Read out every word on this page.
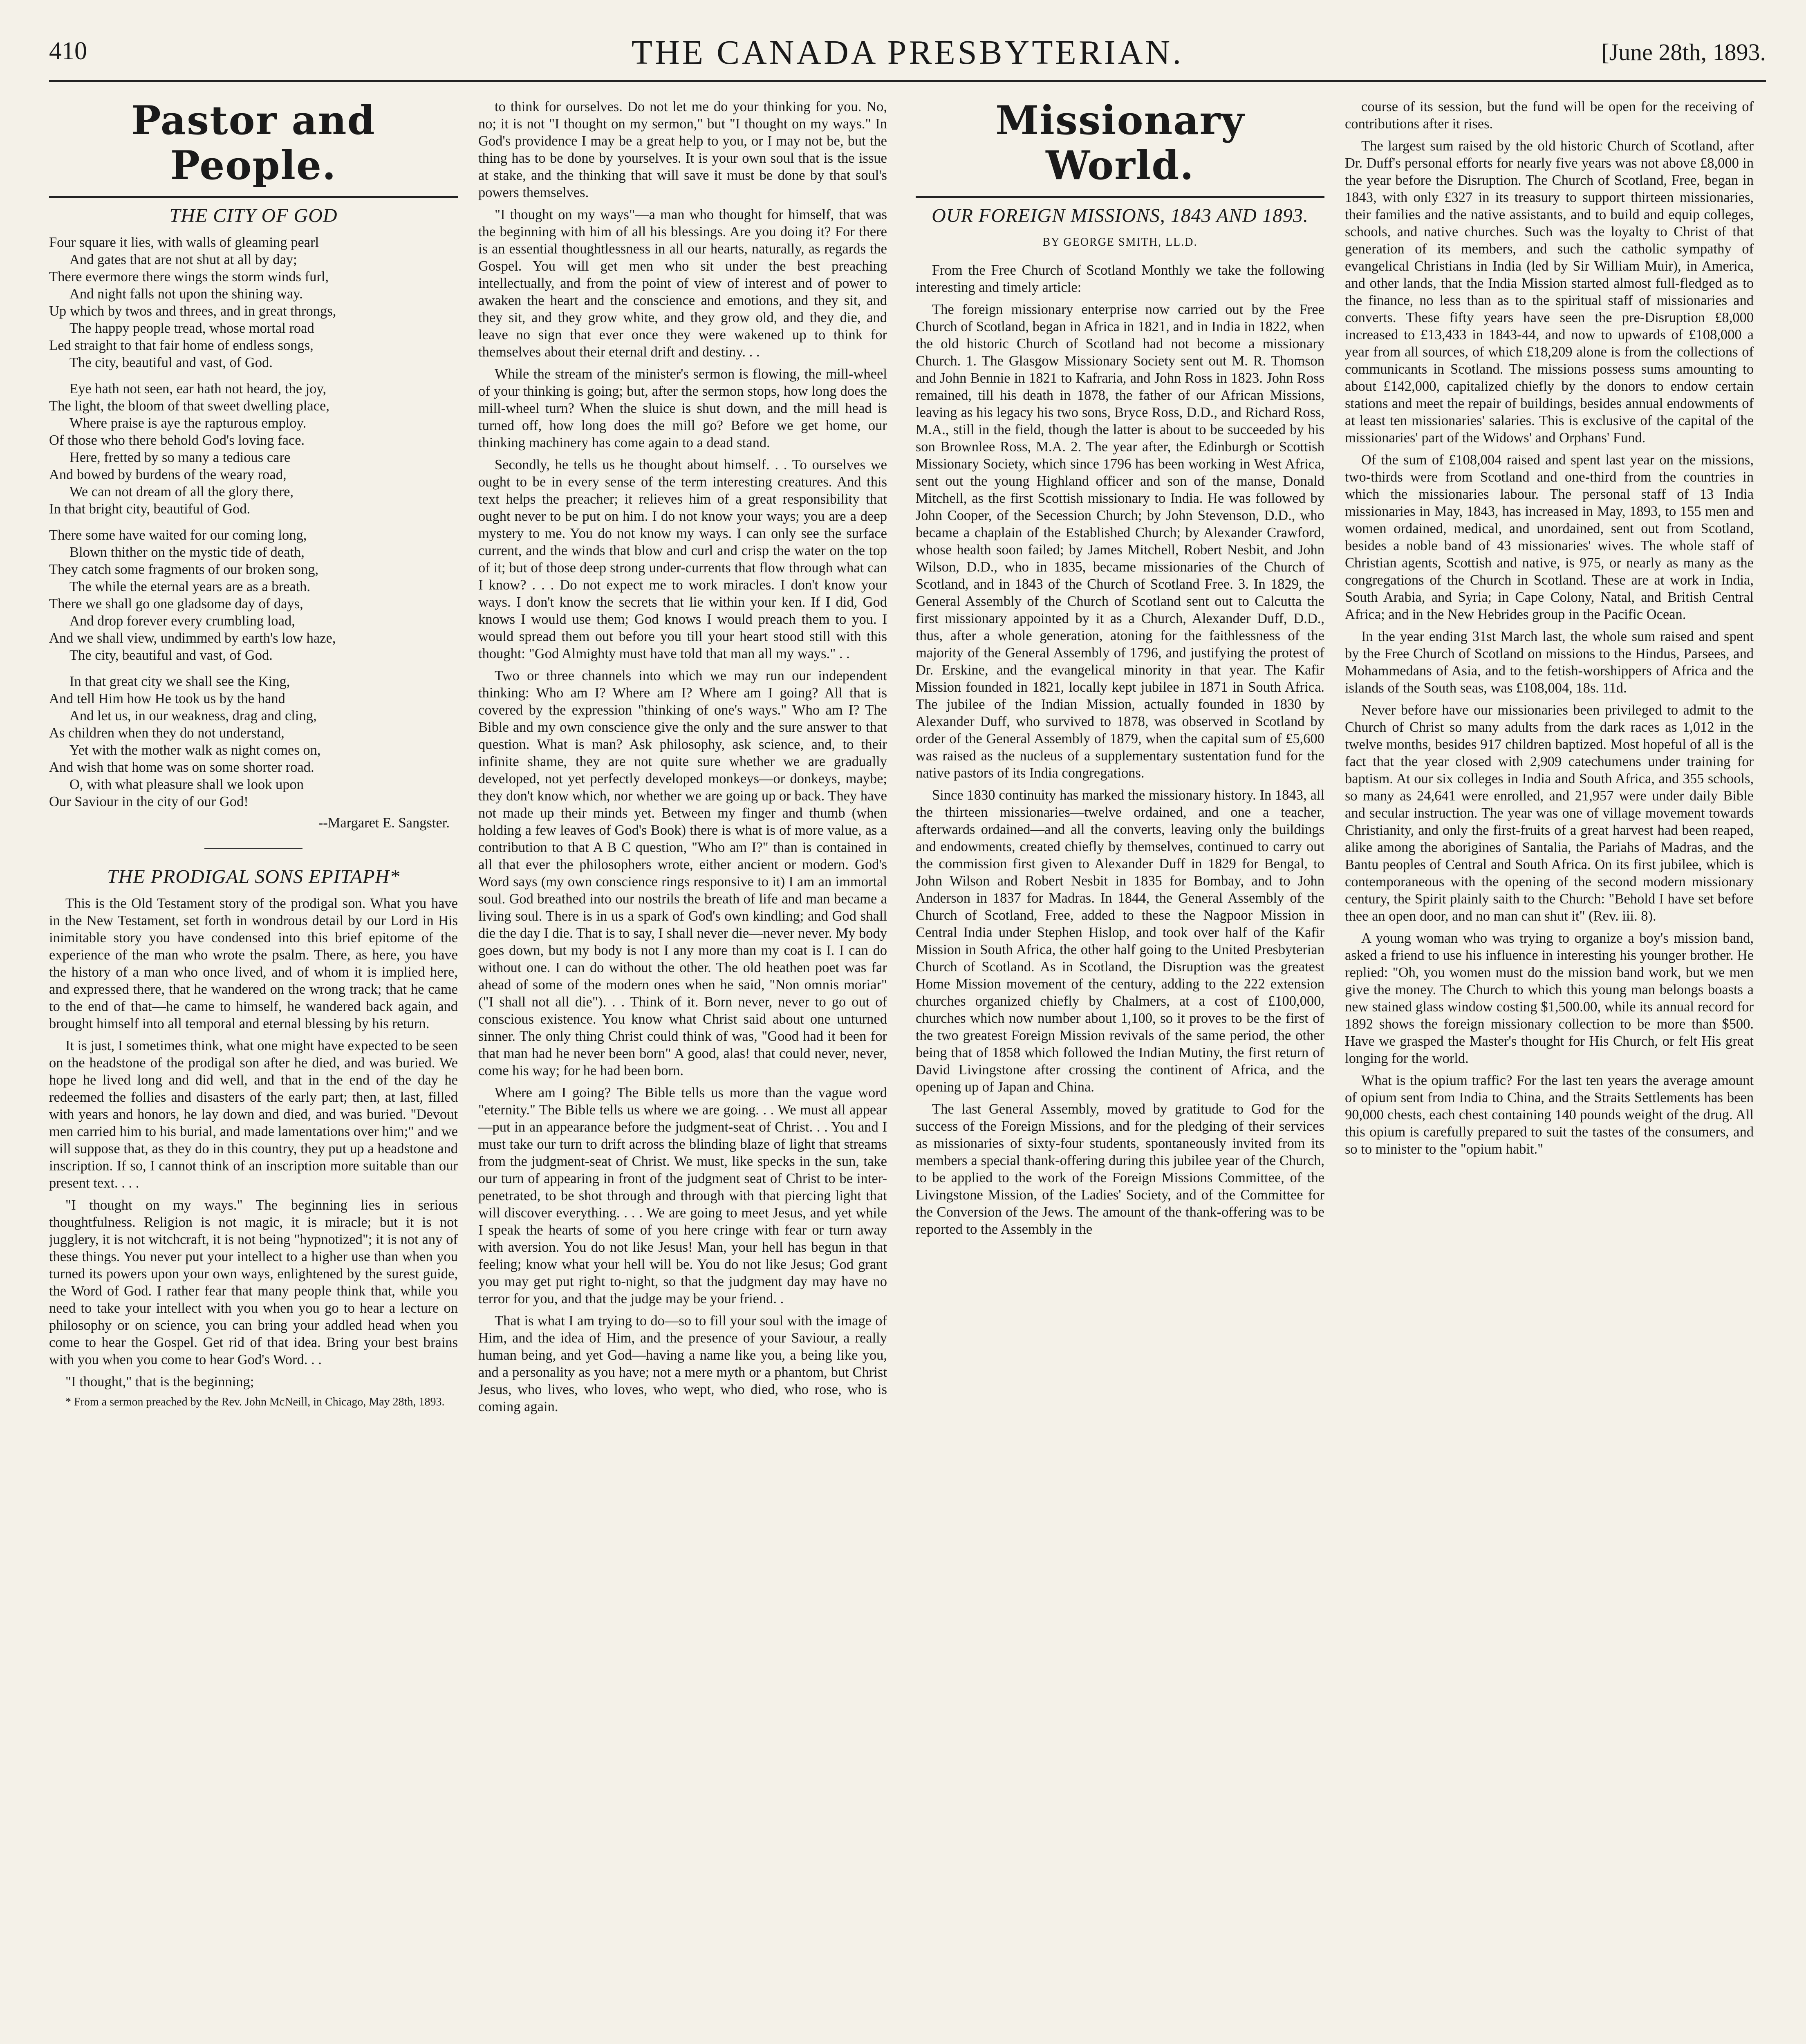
410	THE CANADA PRESBYTERIAN.	[June 28th, 1893.
Pastor and People.
THE CITY OF GOD

Four square it lies, with walls of gleaming pearl

And gates that are not shut at all by day;

There evermore there wings the storm winds furl,

And night falls not upon the shining way.

Up which by twos and threes, and in great throngs,

The happy people tread, whose mortal road

Led straight to that fair home of endless songs,

The city, beautiful and vast, of God.

Eye hath not seen, ear hath not heard, the joy,

The light, the bloom of that sweet dwelling place,

Where praise is aye the rapturous employ.

Of those who there behold God's loving face.

Here, fretted by so many a tedious care

And bowed by burdens of the weary road,

We can not dream of all the glory there,

In that bright city, beautiful of God.

There some have waited for our coming long,

Blown thither on the mystic tide of death,

They catch some fragments of our broken song,

The while the eternal years are as a breath.

There we shall go one gladsome day of days,

And drop forever every crumbling load,

And we shall view, undimmed by earth's low haze,

The city, beautiful and vast, of God.

In that great city we shall see the King,

And tell Him how He took us by the hand

And let us, in our weakness, drag and cling,

As children when they do not understand,

Yet with the mother walk as night comes on,

And wish that home was on some shorter road.

O, with what pleasure shall we look upon

Our Saviour in the city of our God!

--Margaret E. Sangster.
THE PRODIGAL SONS EPITAPH*

This is the Old Testament story of the prodigal son. What you have in the New Testament, set forth in wondrous detail by our Lord in His inimitable story you have condensed into this brief epitome of the experience of the man who wrote the psalm. There, as here, you have the history of a man who once lived, and of whom it is implied here, and expressed there, that he wandered on the wrong track; that he came to the end of that—he came to himself, he wandered back again, and brought himself into all temporal and eternal blessing by his return.

It is just, I sometimes think, what one might have expected to be seen on the headstone of the prodigal son after he died, and was buried. We hope he lived long and did well, and that in the end of the day he redeemed the follies and disasters of the early part; then, at last, filled with years and honors, he lay down and died, and was buried. "Devout men carried him to his burial, and made lamentations over him;" and we will suppose that, as they do in this country, they put up a headstone and inscription. If so, I cannot think of an inscription more suitable than our present text. . . .

"I thought on my ways." The beginning lies in serious thoughtfulness. Religion is not magic, it is miracle; but it is not jugglery, it is not witchcraft, it is not being "hypnotized"; it is not any of these things. You never put your intellect to a higher use than when you turned its powers upon your own ways, enlightened by the surest guide, the Word of God. I rather fear that many people think that, while you need to take your intellect with you when you go to hear a lecture on philosophy or on science, you can bring your addled head when you come to hear the Gospel. Get rid of that idea. Bring your best brains with you when you come to hear God's Word. . .

"I thought," that is the beginning;

* From a sermon preached by the Rev. John McNeill, in Chicago, May 28th, 1893.

to think for ourselves. Do not let me do your thinking for you. No, no; it is not "I thought on my sermon," but "I thought on my ways." In God's providence I may be a great help to you, or I may not be, but the thing has to be done by yourselves. It is your own soul that is the issue at stake, and the thinking that will save it must be done by that soul's powers themselves.

"I thought on my ways"—a man who thought for himself, that was the beginning with him of all his blessings. Are you doing it? For there is an essential thoughtlessness in all our hearts, naturally, as regards the Gospel. You will get men who sit under the best preaching intellectually, and from the point of view of interest and of power to awaken the heart and the conscience and emotions, and they sit, and they sit, and they grow white, and they grow old, and they die, and leave no sign that ever once they were wakened up to think for themselves about their eternal drift and destiny. . .

While the stream of the minister's sermon is flowing, the mill-wheel of your thinking is going; but, after the sermon stops, how long does the mill-wheel turn? When the sluice is shut down, and the mill head is turned off, how long does the mill go? Before we get home, our thinking machinery has come again to a dead stand.

Secondly, he tells us he thought about himself. . . To ourselves we ought to be in every sense of the term interesting creatures. And this text helps the preacher; it relieves him of a great responsibility that ought never to be put on him. I do not know your ways; you are a deep mystery to me. You do not know my ways. I can only see the surface current, and the winds that blow and curl and crisp the water on the top of it; but of those deep strong under-currents that flow through what can I know? . . . Do not expect me to work miracles. I don't know your ways. I don't know the secrets that lie within your ken. If I did, God knows I would use them; God knows I would preach them to you. I would spread them out before you till your heart stood still with this thought: "God Almighty must have told that man all my ways." . .

Two or three channels into which we may run our independent thinking: Who am I? Where am I? Where am I going? All that is covered by the expression "thinking of one's ways." Who am I? The Bible and my own conscience give the only and the sure answer to that question. What is man? Ask philosophy, ask science, and, to their infinite shame, they are not quite sure whether we are gradually developed, not yet perfectly developed monkeys—or donkeys, maybe; they don't know which, nor whether we are going up or back. They have not made up their minds yet. Between my finger and thumb (when holding a few leaves of God's Book) there is what is of more value, as a contribution to that A B C question, "Who am I?" than is contained in all that ever the philosophers wrote, either ancient or modern. God's Word says (my own conscience rings responsive to it) I am an immortal soul. God breathed into our nostrils the breath of life and man became a living soul. There is in us a spark of God's own kindling; and God shall die the day I die. That is to say, I shall never die—never never. My body goes down, but my body is not I any more than my coat is I. I can do without one. I can do without the other. The old heathen poet was far ahead of some of the modern ones when he said, "Non omnis moriar" ("I shall not all die"). . . Think of it. Born never, never to go out of conscious existence. You know what Christ said about one unturned sinner. The only thing Christ could think of was, "Good had it been for that man had he never been born" A good, alas! that could never, never, come his way; for he had been born.

Where am I going? The Bible tells us more than the vague word "eternity." The Bible tells us where we are going. . . We must all appear—put in an appearance before the judgment-seat of Christ. . . You and I must take our turn to drift across the blinding blaze of light that streams from the judgment-seat of Christ. We must, like specks in the sun, take our turn of appearing in front of the judgment seat of Christ to be inter-penetrated, to be shot through and through with that piercing light that will discover everything. . . . We are going to meet Jesus, and yet while I speak the hearts of some of you here cringe with fear or turn away with aversion. You do not like Jesus! Man, your hell has begun in that feeling; know what your hell will be. You do not like Jesus; God grant you may get put right to-night, so that the judgment day may have no terror for you, and that the judge may be your friend. .

That is what I am trying to do—so to fill your soul with the image of Him, and the idea of Him, and the presence of your Saviour, a really human being, and yet God—having a name like you, a being like you, and a personality as you have; not a mere myth or a phantom, but Christ Jesus, who lives, who loves, who wept, who died, who rose, who is coming again.

Missionary World.
OUR FOREIGN MISSIONS, 1843 AND 1893.
BY GEORGE SMITH, LL.D.

From the Free Church of Scotland Monthly we take the following interesting and timely article:

The foreign missionary enterprise now carried out by the Free Church of Scotland, began in Africa in 1821, and in India in 1822, when the old historic Church of Scotland had not become a missionary Church. 1. The Glasgow Missionary Society sent out M. R. Thomson and John Bennie in 1821 to Kafraria, and John Ross in 1823. John Ross remained, till his death in 1878, the father of our African Missions, leaving as his legacy his two sons, Bryce Ross, D.D., and Richard Ross, M.A., still in the field, though the latter is about to be succeeded by his son Brownlee Ross, M.A. 2. The year after, the Edinburgh or Scottish Missionary Society, which since 1796 has been working in West Africa, sent out the young Highland officer and son of the manse, Donald Mitchell, as the first Scottish missionary to India. He was followed by John Cooper, of the Secession Church; by John Stevenson, D.D., who became a chaplain of the Established Church; by Alexander Crawford, whose health soon failed; by James Mitchell, Robert Nesbit, and John Wilson, D.D., who in 1835, became missionaries of the Church of Scotland, and in 1843 of the Church of Scotland Free. 3. In 1829, the General Assembly of the Church of Scotland sent out to Calcutta the first missionary appointed by it as a Church, Alexander Duff, D.D., thus, after a whole generation, atoning for the faithlessness of the majority of the General Assembly of 1796, and justifying the protest of Dr. Erskine, and the evangelical minority in that year. The Kafir Mission founded in 1821, locally kept jubilee in 1871 in South Africa. The jubilee of the Indian Mission, actually founded in 1830 by Alexander Duff, who survived to 1878, was observed in Scotland by order of the General Assembly of 1879, when the capital sum of £5,600 was raised as the nucleus of a supplementary sustentation fund for the native pastors of its India congregations.

Since 1830 continuity has marked the missionary history. In 1843, all the thirteen missionaries—twelve ordained, and one a teacher, afterwards ordained—and all the converts, leaving only the buildings and endowments, created chiefly by themselves, continued to carry out the commission first given to Alexander Duff in 1829 for Bengal, to John Wilson and Robert Nesbit in 1835 for Bombay, and to John Anderson in 1837 for Madras. In 1844, the General Assembly of the Church of Scotland, Free, added to these the Nagpoor Mission in Central India under Stephen Hislop, and took over half of the Kafir Mission in South Africa, the other half going to the United Presbyterian Church of Scotland. As in Scotland, the Disruption was the greatest Home Mission movement of the century, adding to the 222 extension churches organized chiefly by Chalmers, at a cost of £100,000, churches which now number about 1,100, so it proves to be the first of the two greatest Foreign Mission revivals of the same period, the other being that of 1858 which followed the Indian Mutiny, the first return of David Livingstone after crossing the continent of Africa, and the opening up of Japan and China.

The last General Assembly, moved by gratitude to God for the success of the Foreign Missions, and for the pledging of their services as missionaries of sixty-four students, spontaneously invited from its members a special thank-offering during this jubilee year of the Church, to be applied to the work of the Foreign Missions Committee, of the Livingstone Mission, of the Ladies' Society, and of the Committee for the Conversion of the Jews. The amount of the thank-offering was to be reported to the Assembly in the

course of its session, but the fund will be open for the receiving of contributions after it rises.

The largest sum raised by the old historic Church of Scotland, after Dr. Duff's personal efforts for nearly five years was not above £8,000 in the year before the Disruption. The Church of Scotland, Free, began in 1843, with only £327 in its treasury to support thirteen missionaries, their families and the native assistants, and to build and equip colleges, schools, and native churches. Such was the loyalty to Christ of that generation of its members, and such the catholic sympathy of evangelical Christians in India (led by Sir William Muir), in America, and other lands, that the India Mission started almost full-fledged as to the finance, no less than as to the spiritual staff of missionaries and converts. These fifty years have seen the pre-Disruption £8,000 increased to £13,433 in 1843-44, and now to upwards of £108,000 a year from all sources, of which £18,209 alone is from the collections of communicants in Scotland. The missions possess sums amounting to about £142,000, capitalized chiefly by the donors to endow certain stations and meet the repair of buildings, besides annual endowments of at least ten missionaries' salaries. This is exclusive of the capital of the missionaries' part of the Widows' and Orphans' Fund.

Of the sum of £108,004 raised and spent last year on the missions, two-thirds were from Scotland and one-third from the countries in which the missionaries labour. The personal staff of 13 India missionaries in May, 1843, has increased in May, 1893, to 155 men and women ordained, medical, and unordained, sent out from Scotland, besides a noble band of 43 missionaries' wives. The whole staff of Christian agents, Scottish and native, is 975, or nearly as many as the congregations of the Church in Scotland. These are at work in India, South Arabia, and Syria; in Cape Colony, Natal, and British Central Africa; and in the New Hebrides group in the Pacific Ocean.

In the year ending 31st March last, the whole sum raised and spent by the Free Church of Scotland on missions to the Hindus, Parsees, and Mohammedans of Asia, and to the fetish-worshippers of Africa and the islands of the South seas, was £108,004, 18s. 11d.

Never before have our missionaries been privileged to admit to the Church of Christ so many adults from the dark races as 1,012 in the twelve months, besides 917 children baptized. Most hopeful of all is the fact that the year closed with 2,909 catechumens under training for baptism. At our six colleges in India and South Africa, and 355 schools, so many as 24,641 were enrolled, and 21,957 were under daily Bible and secular instruction. The year was one of village movement towards Christianity, and only the first-fruits of a great harvest had been reaped, alike among the aborigines of Santalia, the Pariahs of Madras, and the Bantu peoples of Central and South Africa. On its first jubilee, which is contemporaneous with the opening of the second modern missionary century, the Spirit plainly saith to the Church: "Behold I have set before thee an open door, and no man can shut it" (Rev. iii. 8).

A young woman who was trying to organize a boy's mission band, asked a friend to use his influence in interesting his younger brother. He replied: "Oh, you women must do the mission band work, but we men give the money. The Church to which this young man belongs boasts a new stained glass window costing $1,500.00, while its annual record for 1892 shows the foreign missionary collection to be more than $500. Have we grasped the Master's thought for His Church, or felt His great longing for the world.

What is the opium traffic? For the last ten years the average amount of opium sent from India to China, and the Straits Settlements has been 90,000 chests, each chest containing 140 pounds weight of the drug. All this opium is carefully prepared to suit the tastes of the consumers, and so to minister to the "opium habit."
